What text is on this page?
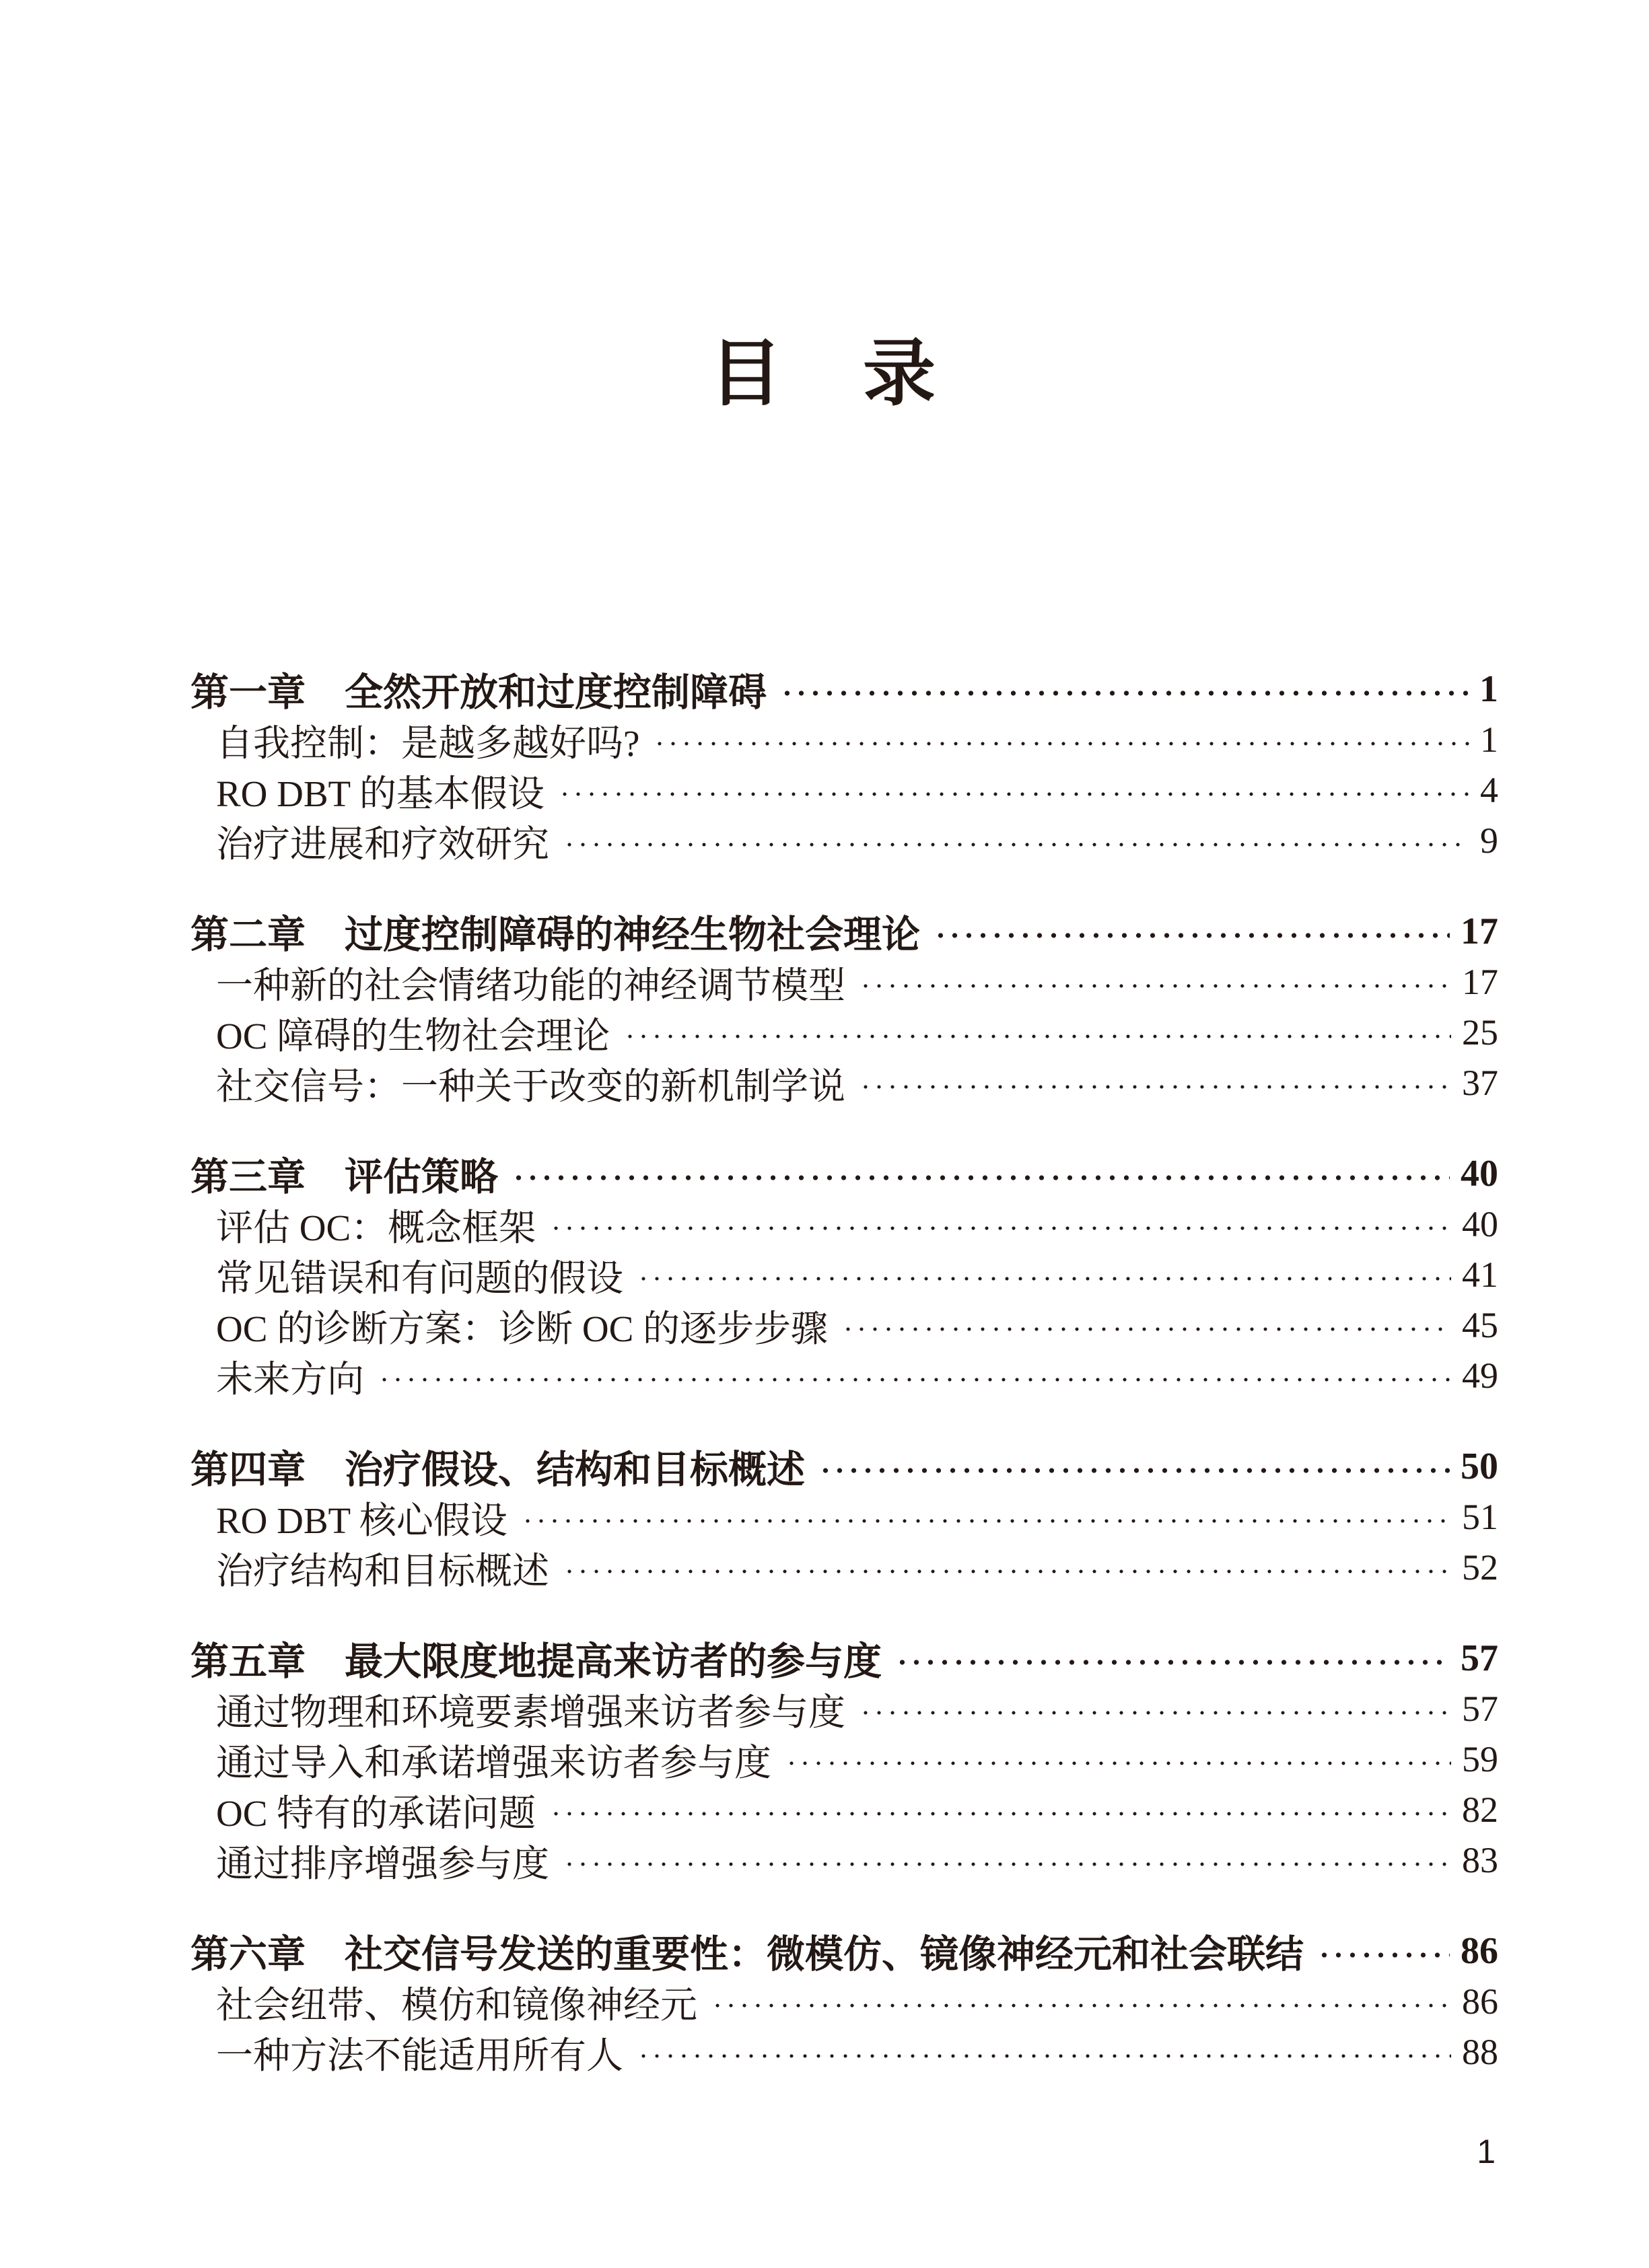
目　录
第一章 全然开放和过度控制障碍	1
自我控制：是越多越好吗?	1
RO DBT 的基本假设	4
治疗进展和疗效研究	9
第二章 过度控制障碍的神经生物社会理论	17
一种新的社会情绪功能的神经调节模型	17
OC 障碍的生物社会理论	25
社交信号：一种关于改变的新机制学说	37
第三章 评估策略	40
评估 OC：概念框架	40
常见错误和有问题的假设	41
OC 的诊断方案：诊断 OC 的逐步步骤	45
未来方向	49
第四章 治疗假设、结构和目标概述	50
RO DBT 核心假设	51
治疗结构和目标概述	52
第五章 最大限度地提高来访者的参与度	57
通过物理和环境要素增强来访者参与度	57
通过导入和承诺增强来访者参与度	59
OC 特有的承诺问题	82
通过排序增强参与度	83
第六章 社交信号发送的重要性：微模仿、镜像神经元和社会联结	86
社会纽带、模仿和镜像神经元	86
一种方法不能适用所有人	88
1
